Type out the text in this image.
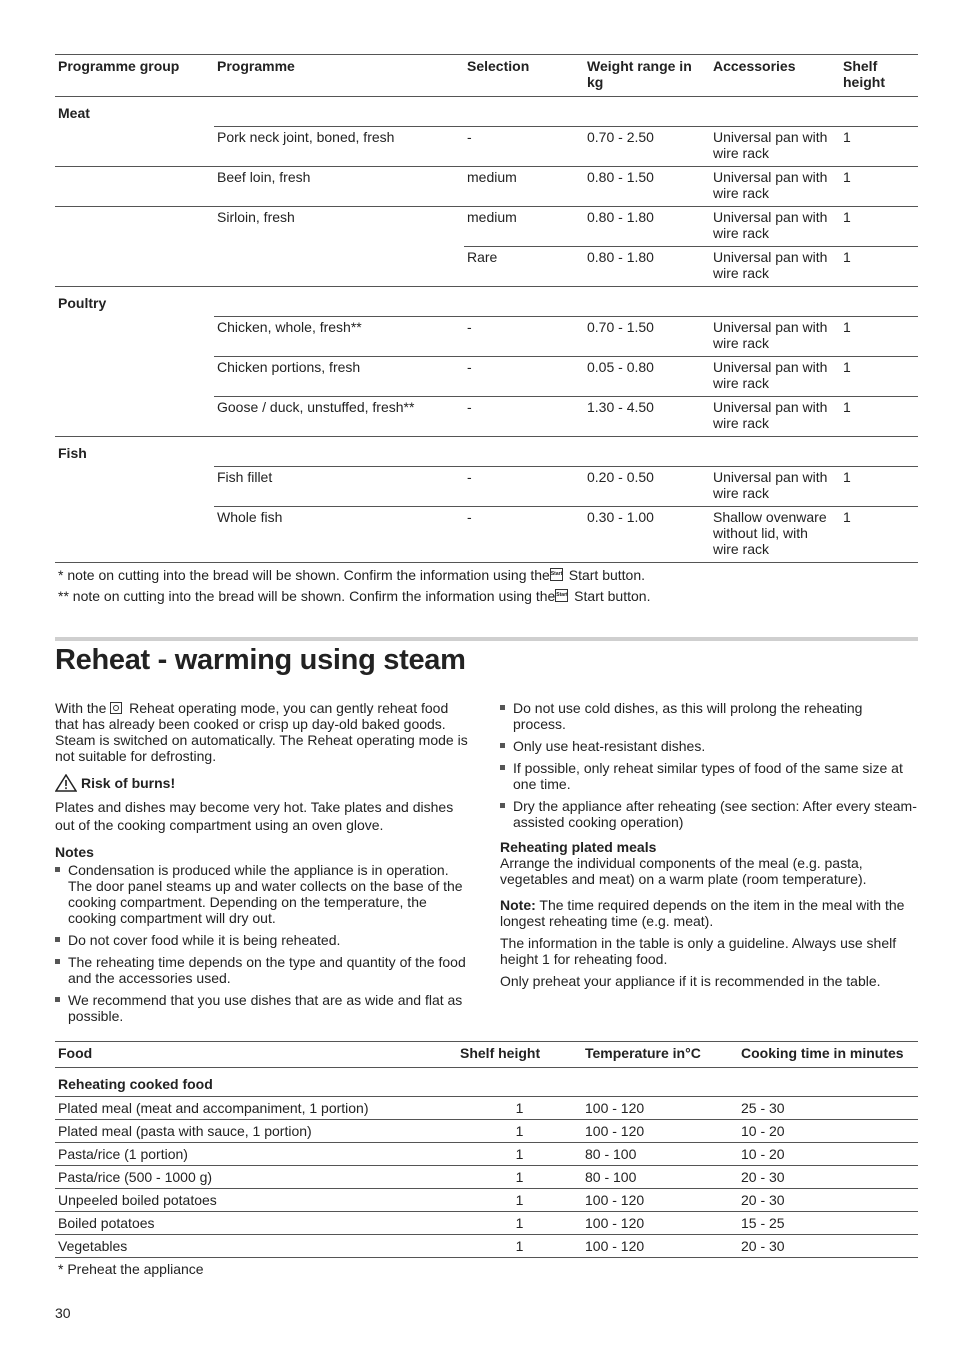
Programme group	Programme	Selection	Weight range in kg	Accessories	Shelf height
Meat					
	Pork neck joint, boned, fresh	-	0.70 - 2.50	Universal pan with wire rack	1
	Beef loin, fresh	medium	0.80 - 1.50	Universal pan with wire rack	1
	Sirloin, fresh	medium	0.80 - 1.80	Universal pan with wire rack	1
		Rare	0.80 - 1.80	Universal pan with wire rack	1
Poultry					
	Chicken, whole, fresh**	-	0.70 - 1.50	Universal pan with wire rack	1
	Chicken portions, fresh	-	0.05 - 0.80	Universal pan with wire rack	1
	Goose / duck, unstuffed, fresh**	-	1.30 - 4.50	Universal pan with wire rack	1
Fish					
	Fish fillet	-	0.20 - 0.50	Universal pan with wire rack	1
	Whole fish	-	0.30 - 1.00	Shallow ovenware without lid, with wire rack	1
* note on cutting into the bread will be shown. Confirm the information using theStart Start button.
** note on cutting into the bread will be shown. Confirm the information using theStart Start button.
Reheat - warming using steam

With the  Reheat operating mode, you can gently reheat food that has already been cooked or crisp up day-old baked goods. Steam is switched on automatically. The Reheat operating mode is not suitable for defrosting.

Risk of burns!

Plates and dishes may become very hot. Take plates and dishes out of the cooking compartment using an oven glove.

Notes
Condensation is produced while the appliance is in operation. The door panel steams up and water collects on the base of the cooking compartment. Depending on the temperature, the cooking compartment will dry out.
Do not cover food while it is being reheated.
The reheating time depends on the type and quantity of the food and the accessories used.
We recommend that you use dishes that are as wide and flat as possible.
Do not use cold dishes, as this will prolong the reheating process.
Only use heat-resistant dishes.
If possible, only reheat similar types of food of the same size at one time.
Dry the appliance after reheating (see section: After every steam-assisted cooking operation)
Reheating plated meals

Arrange the individual components of the meal (e.g. pasta, vegetables and meat) on a warm plate (room temperature).

Note: The time required depends on the item in the meal with the longest reheating time (e.g. meat).

The information in the table is only a guideline. Always use shelf height 1 for reheating food.

Only preheat your appliance if it is recommended in the table.

Food	Shelf height	Temperature in°C	Cooking time in minutes
Reheating cooked food			
Plated meal (meat and accompaniment, 1 portion)	1	100 - 120	25 - 30
Plated meal (pasta with sauce, 1 portion)	1	100 - 120	10 - 20
Pasta/rice (1 portion)	1	80 - 100	10 - 20
Pasta/rice (500 - 1000 g)	1	80 - 100	20 - 30
Unpeeled boiled potatoes	1	100 - 120	20 - 30
Boiled potatoes	1	100 - 120	15 - 25
Vegetables	1	100 - 120	20 - 30
* Preheat the appliance
30
